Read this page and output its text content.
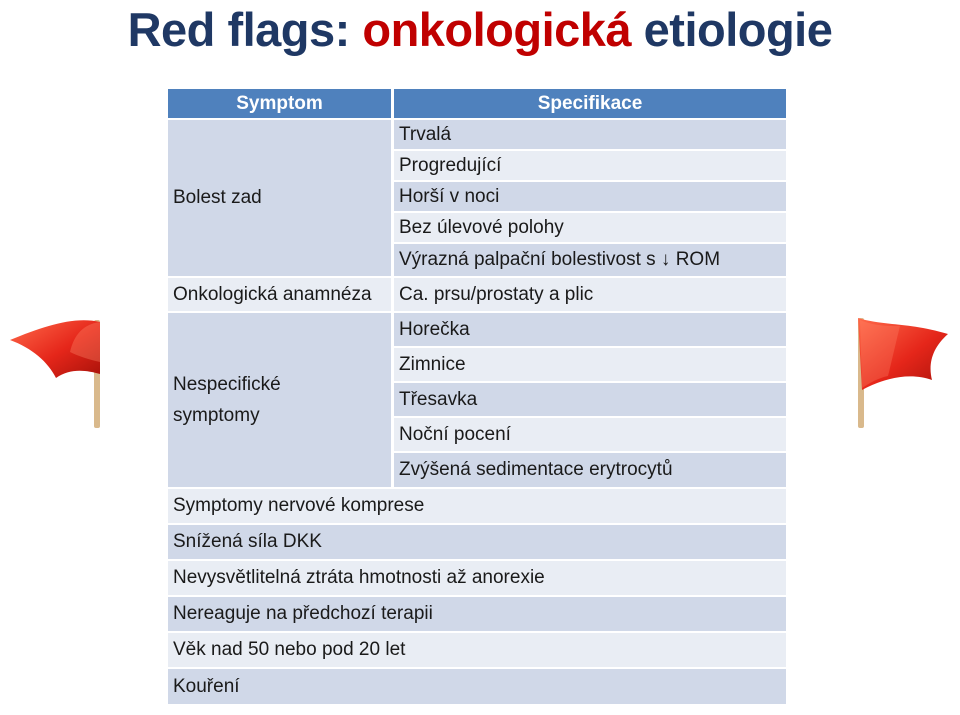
Red flags: onkologická etiologie
Symptom	Specifikace
Bolest zad
Trvalá
Progredující
Horší v noci
Bez úlevové polohy
Výrazná palpační bolestivost s ↓ ROM
Onkologická anamnéza	Ca. prsu/prostaty a plic
Nespecifické symptomy
Horečka
Zimnice
Třesavka
Noční pocení
Zvýšená sedimentace erytrocytů
Symptomy nervové komprese
Snížená síla DKK
Nevysvětlitelná ztráta hmotnosti až anorexie
Nereaguje na předchozí terapii
Věk nad 50 nebo pod 20 let
Kouření
